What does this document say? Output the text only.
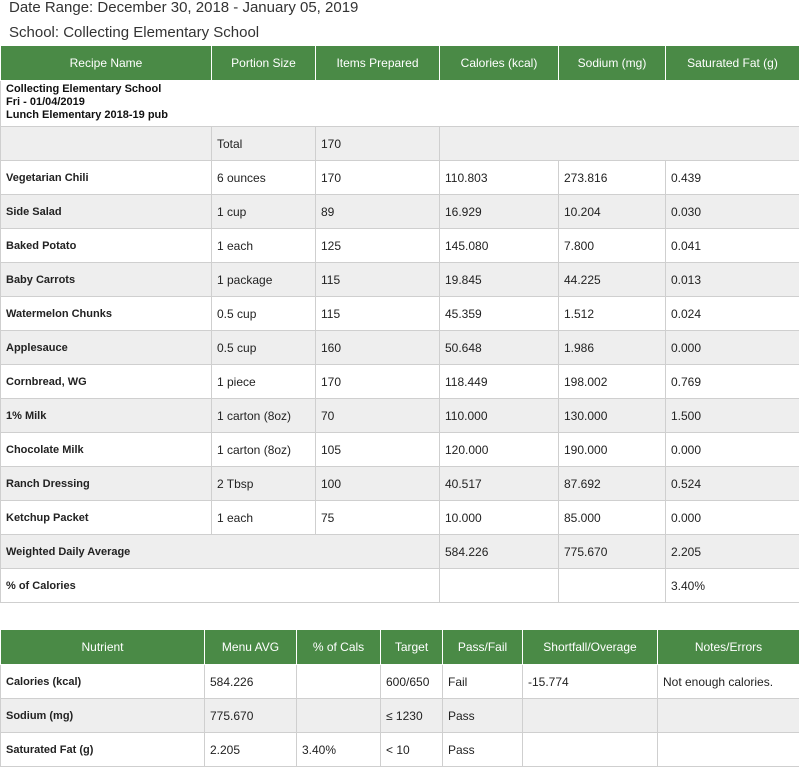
Date Range: December 30, 2018 - January 05, 2019
School: Collecting Elementary School
Recipe Name	Portion Size	Items Prepared	Calories (kcal)	Sodium (mg)	Saturated Fat (g)

Collecting Elementary School
Fri - 01/04/2019
Lunch Elementary 2018-19 pub					

	Total	170			
Vegetarian Chili	6 ounces	170	110.803	273.816	0.439
Side Salad	1 cup	89	16.929	10.204	0.030
Baked Potato	1 each	125	145.080	7.800	0.041
Baby Carrots	1 package	115	19.845	44.225	0.013
Watermelon Chunks	0.5 cup	115	45.359	1.512	0.024
Applesauce	0.5 cup	160	50.648	1.986	0.000
Cornbread, WG	1 piece	170	118.449	198.002	0.769
1% Milk	1 carton (8oz)	70	110.000	130.000	1.500
Chocolate Milk	1 carton (8oz)	105	120.000	190.000	0.000
Ranch Dressing	2 Tbsp	100	40.517	87.692	0.524
Ketchup Packet	1 each	75	10.000	85.000	0.000
Weighted Daily Average			584.226	775.670	2.205
% of Calories					3.40%
Nutrient	Menu AVG	% of Cals	Target	Pass/Fail	Shortfall/Overage	Notes/Errors
Calories (kcal)	584.226		600/650	Fail	-15.774	Not enough calories.
Sodium (mg)	775.670		≤ 1230	Pass		
Saturated Fat (g)	2.205	3.40%	< 10	Pass		
